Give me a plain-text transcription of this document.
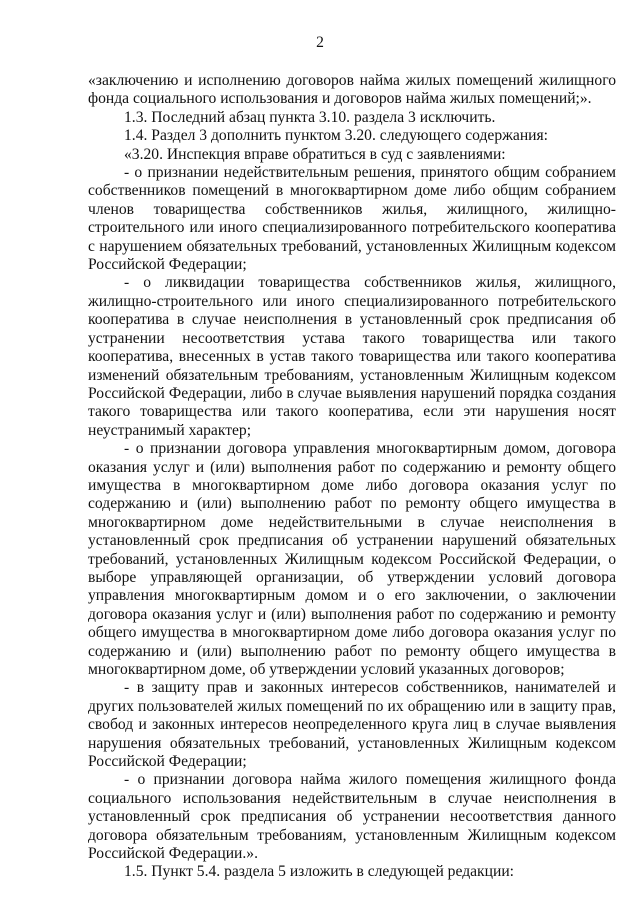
2

«заключению и исполнению договоров найма жилых помещений жилищного фонда социального использования и договоров найма жилых помещений;».

1.3. Последний абзац пункта 3.10. раздела 3 исключить.

1.4. Раздел 3 дополнить пунктом 3.20. следующего содержания:

«3.20. Инспекция вправе обратиться в суд с заявлениями:

- о признании недействительным решения, принятого общим собранием собственников помещений в многоквартирном доме либо общим собранием членов товарищества собственников жилья, жилищного, жилищно-строительного или иного специализированного потребительского кооператива с нарушением обязательных требований, установленных Жилищным кодексом Российской Федерации;

- о ликвидации товарищества собственников жилья, жилищного, жилищно-строительного или иного специализированного потребительского кооператива в случае неисполнения в установленный срок предписания об устранении несоответствия устава такого товарищества или такого кооператива, внесенных в устав такого товарищества или такого кооператива изменений обязательным требованиям, установленным Жилищным кодексом Российской Федерации, либо в случае выявления нарушений порядка создания такого товарищества или такого кооператива, если эти нарушения носят неустранимый характер;

- о признании договора управления многоквартирным домом, договора оказания услуг и (или) выполнения работ по содержанию и ремонту общего имущества в многоквартирном доме либо договора оказания услуг по содержанию и (или) выполнению работ по ремонту общего имущества в многоквартирном доме недействительными в случае неисполнения в установленный срок предписания об устранении нарушений обязательных требований, установленных Жилищным кодексом Российской Федерации, о выборе управляющей организации, об утверждении условий договора управления многоквартирным домом и о его заключении, о заключении договора оказания услуг и (или) выполнения работ по содержанию и ремонту общего имущества в многоквартирном доме либо договора оказания услуг по содержанию и (или) выполнению работ по ремонту общего имущества в многоквартирном доме, об утверждении условий указанных договоров;

- в защиту прав и законных интересов собственников, нанимателей и других пользователей жилых помещений по их обращению или в защиту прав, свобод и законных интересов неопределенного круга лиц в случае выявления нарушения обязательных требований, установленных Жилищным кодексом Российской Федерации;

- о признании договора найма жилого помещения жилищного фонда социального использования недействительным в случае неисполнения в установленный срок предписания об устранении несоответствия данного договора обязательным требованиям, установленным Жилищным кодексом Российской Федерации.».

1.5. Пункт 5.4. раздела 5 изложить в следующей редакции:
